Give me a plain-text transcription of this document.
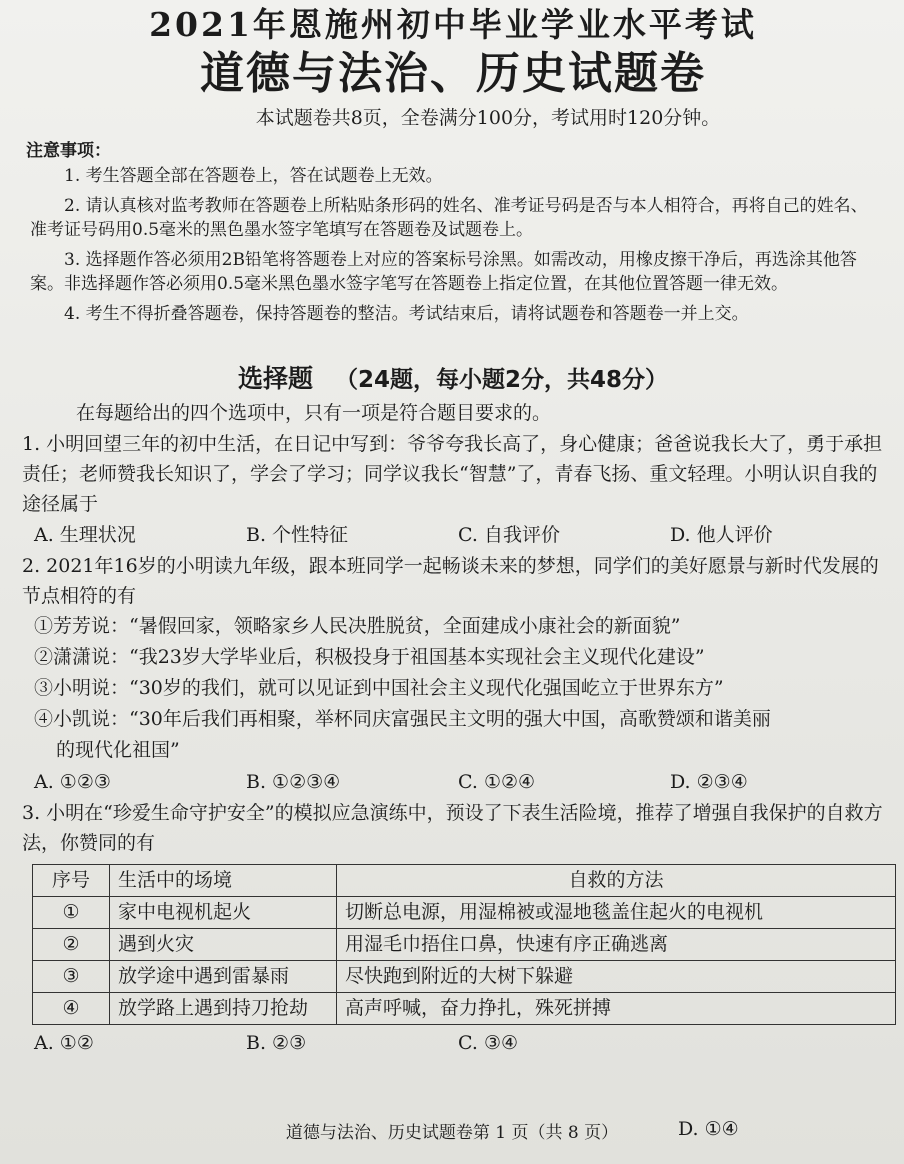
2021年恩施州初中毕业学业水平考试
道德与法治、历史试题卷
本试题卷共8页，全卷满分100分，考试用时120分钟。
注意事项：
1. 考生答题全部在答题卷上，答在试题卷上无效。
2. 请认真核对监考教师在答题卷上所粘贴条形码的姓名、准考证号码是否与本人相符合，再将自己的姓名、准考证号码用0.5毫米的黑色墨水签字笔填写在答题卷及试题卷上。
3. 选择题作答必须用2B铅笔将答题卷上对应的答案标号涂黑。如需改动，用橡皮擦干净后，再选涂其他答案。非选择题作答必须用0.5毫米黑色墨水签字笔写在答题卷上指定位置，在其他位置答题一律无效。
4. 考生不得折叠答题卷，保持答题卷的整洁。考试结束后，请将试题卷和答题卷一并上交。
选择题 （24题，每小题2分，共48分）
在每题给出的四个选项中，只有一项是符合题目要求的。
1. 小明回望三年的初中生活，在日记中写到：爷爷夸我长高了，身心健康；爸爸说我长大了，勇于承担责任；老师赞我长知识了，学会了学习；同学议我长“智慧”了，青春飞扬、重文轻理。小明认识自我的途径属于
A. 生理状况	B. 个性特征	C. 自我评价	D. 他人评价
2. 2021年16岁的小明读九年级，跟本班同学一起畅谈未来的梦想，同学们的美好愿景与新时代发展的节点相符的有
①芳芳说：“暑假回家，领略家乡人民决胜脱贫，全面建成小康社会的新面貌”
②潇潇说：“我23岁大学毕业后，积极投身于祖国基本实现社会主义现代化建设”
③小明说：“30岁的我们，就可以见证到中国社会主义现代化强国屹立于世界东方”
④小凯说：“30年后我们再相聚，举杯同庆富强民主文明的强大中国，高歌赞颂和谐美丽
的现代化祖国”
A. ①②③	B. ①②③④	C. ①②④	D. ②③④
3. 小明在“珍爱生命守护安全”的模拟应急演练中，预设了下表生活险境，推荐了增强自我保护的自救方法，你赞同的有
序号	生活中的场境	自救的方法
①	家中电视机起火	切断总电源，用湿棉被或湿地毯盖住起火的电视机
②	遇到火灾	用湿毛巾捂住口鼻，快速有序正确逃离
③	放学途中遇到雷暴雨	尽快跑到附近的大树下躲避
④	放学路上遇到持刀抢劫	高声呼喊，奋力挣扎，殊死拼搏
A. ①②	B. ②③	C. ③④
D. ①④
道德与法治、历史试题卷第 1 页（共 8 页）
